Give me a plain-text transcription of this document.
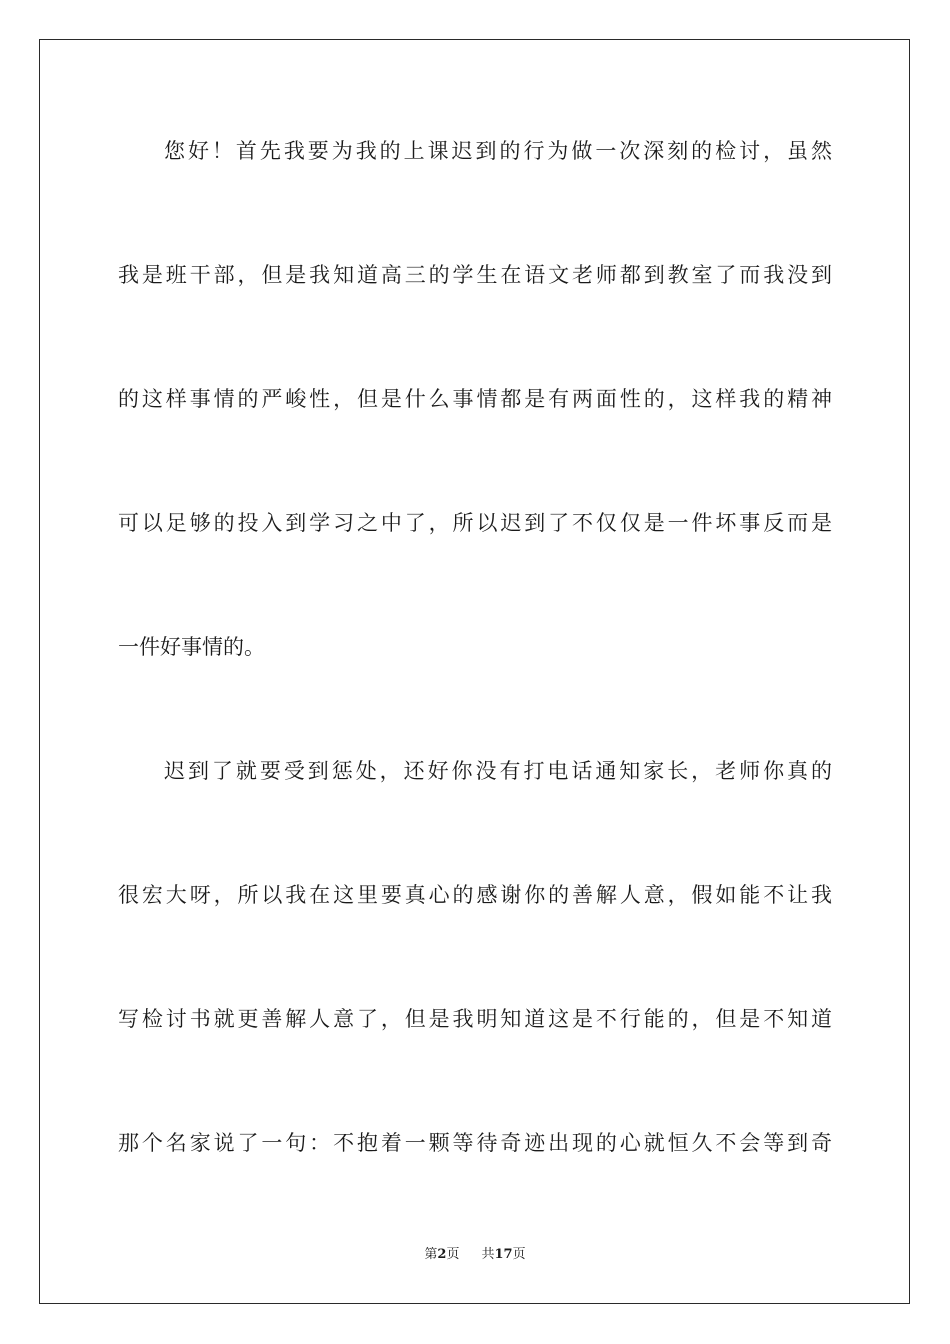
您好！首先我要为我的上课迟到的行为做一次深刻的检讨，虽然
我是班干部，但是我知道高三的学生在语文老师都到教室了而我没到
的这样事情的严峻性，但是什么事情都是有两面性的，这样我的精神
可以足够的投入到学习之中了，所以迟到了不仅仅是一件坏事反而是
一件好事情的。
迟到了就要受到惩处，还好你没有打电话通知家长，老师你真的
很宏大呀，所以我在这里要真心的感谢你的善解人意，假如能不让我
写检讨书就更善解人意了，但是我明知道这是不行能的，但是不知道
那个名家说了一句：不抱着一颗等待奇迹出现的心就恒久不会等到奇
第2页 共17页
